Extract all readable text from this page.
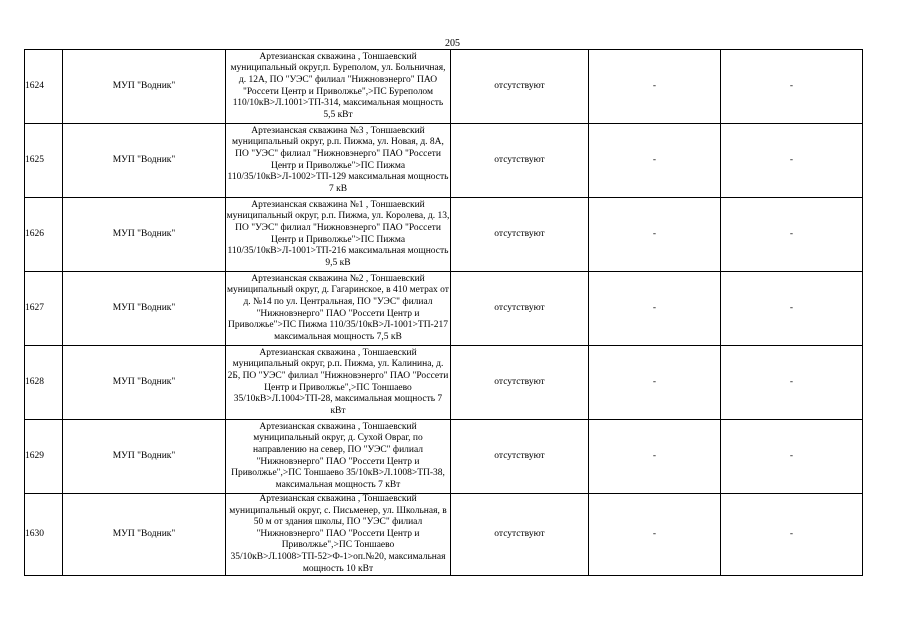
205
1624	МУП "Водник"	Артезианская скважина , Тоншаевский муниципальный округ,п. Буреполом, ул. Больничная, д. 12А, ПО "УЭС" филиал "Нижновэнерго" ПАО "Россети Центр и Приволжье",>ПС Буреполом 110/10кВ>Л.1001>ТП-314, максимальная мощность 5,5 кВт	отсутствуют	-	-
1625	МУП "Водник"	Артезианская скважина №3 , Тоншаевский муниципальный округ, р.п. Пижма, ул. Новая, д. 8А, ПО "УЭС" филиал "Нижновэнерго" ПАО "Россети Центр и Приволжье">ПС Пижма 110/35/10кВ>Л-1002>ТП-129 максимальная мощность 7 кВ	отсутствуют	-	-
1626	МУП "Водник"	Артезианская скважина №1 , Тоншаевский муниципальный округ, р.п. Пижма, ул. Королева, д. 13, ПО "УЭС" филиал "Нижновэнерго" ПАО "Россети Центр и Приволжье">ПС Пижма 110/35/10кВ>Л-1001>ТП-216 максимальная мощность 9,5 кВ	отсутствуют	-	-
1627	МУП "Водник"	Артезианская скважина №2 , Тоншаевский муниципальный округ, д. Гагаринское, в 410 метрах от д. №14 по ул. Центральная, ПО "УЭС" филиал "Нижновэнерго" ПАО "Россети Центр и Приволжье">ПС Пижма 110/35/10кВ>Л-1001>ТП-217 максимальная мощность 7,5 кВ	отсутствуют	-	-
1628	МУП "Водник"	Артезианская скважина , Тоншаевский муниципальный округ, р.п. Пижма, ул. Калинина, д. 2Б, ПО "УЭС" филиал "Нижновэнерго" ПАО "Россети Центр и Приволжье",>ПС Тоншаево 35/10кВ>Л.1004>ТП-28, максимальная мощность 7 кВт	отсутствуют	-	-
1629	МУП "Водник"	Артезианская скважина , Тоншаевский муниципальный округ, д. Сухой Овраг, по направлению на север, ПО "УЭС" филиал "Нижновэнерго" ПАО "Россети Центр и Приволжье",>ПС Тоншаево 35/10кВ>Л.1008>ТП-38, максимальная мощность 7 кВт	отсутствуют	-	-
1630	МУП "Водник"	Артезианская скважина , Тоншаевский муниципальный округ, с. Письменер, ул. Школьная, в 50 м от здания школы, ПО "УЭС" филиал "Нижновэнерго" ПАО "Россети Центр и Приволжье",>ПС Тоншаево 35/10кВ>Л.1008>ТП-52>Ф-1>оп.№20, максимальная мощность 10 кВт	отсутствуют	-	-
